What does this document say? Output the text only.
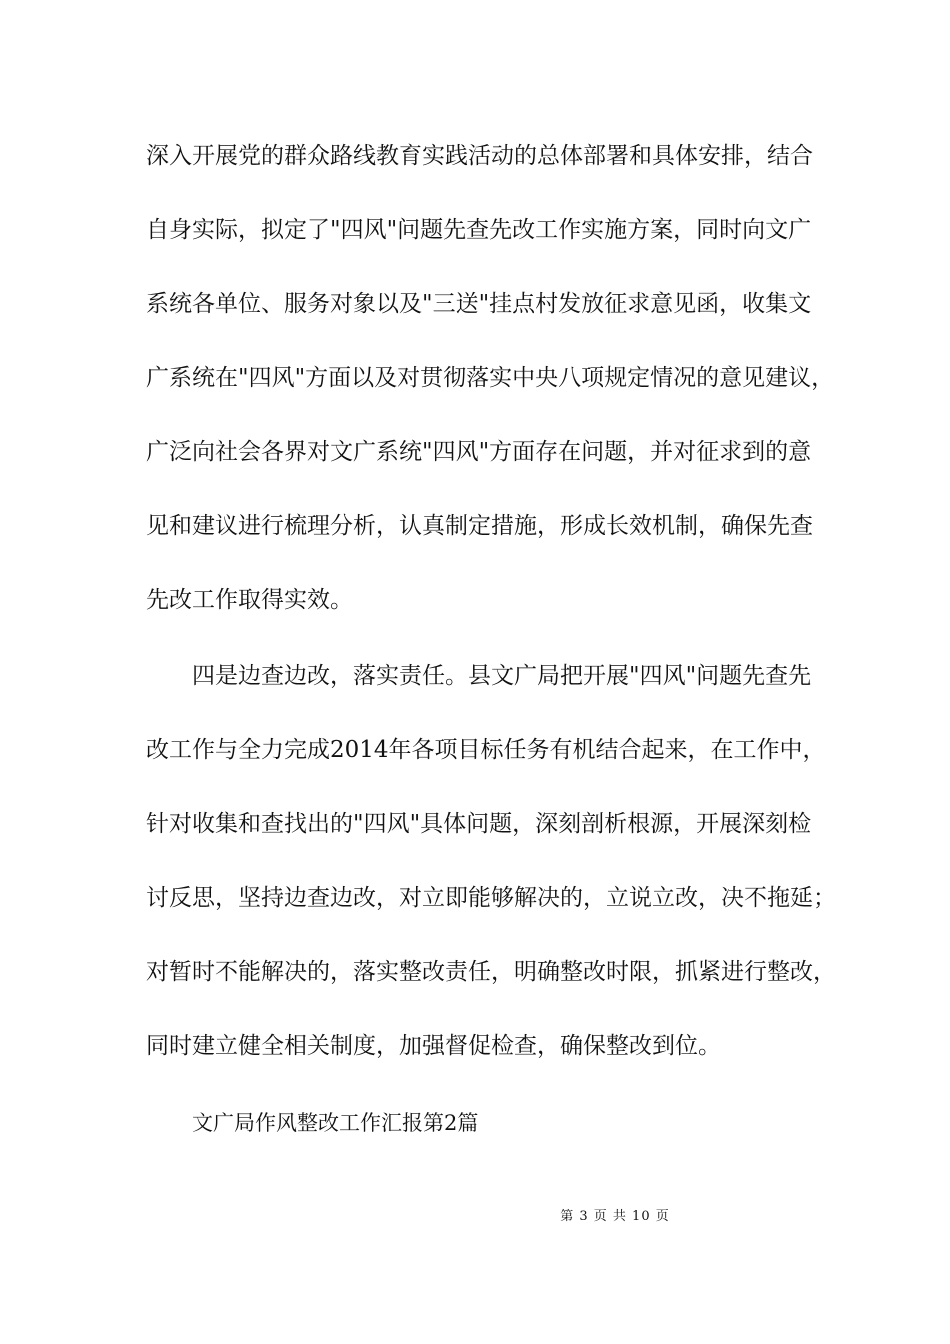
深入开展党的群众路线教育实践活动的总体部署和具体安排，结合
自身实际，拟定了"四风"问题先查先改工作实施方案，同时向文广
系统各单位、服务对象以及"三送"挂点村发放征求意见函，收集文
广系统在"四风"方面以及对贯彻落实中央八项规定情况的意见建议，
广泛向社会各界对文广系统"四风"方面存在问题，并对征求到的意
见和建议进行梳理分析，认真制定措施，形成长效机制，确保先查
先改工作取得实效。
四是边查边改，落实责任。县文广局把开展"四风"问题先查先
改工作与全力完成2014年各项目标任务有机结合起来，在工作中，
针对收集和查找出的"四风"具体问题，深刻剖析根源，开展深刻检
讨反思，坚持边查边改，对立即能够解决的，立说立改，决不拖延；
对暂时不能解决的，落实整改责任，明确整改时限，抓紧进行整改，
同时建立健全相关制度，加强督促检查，确保整改到位。
文广局作风整改工作汇报第2篇
第 3 页 共 10 页
